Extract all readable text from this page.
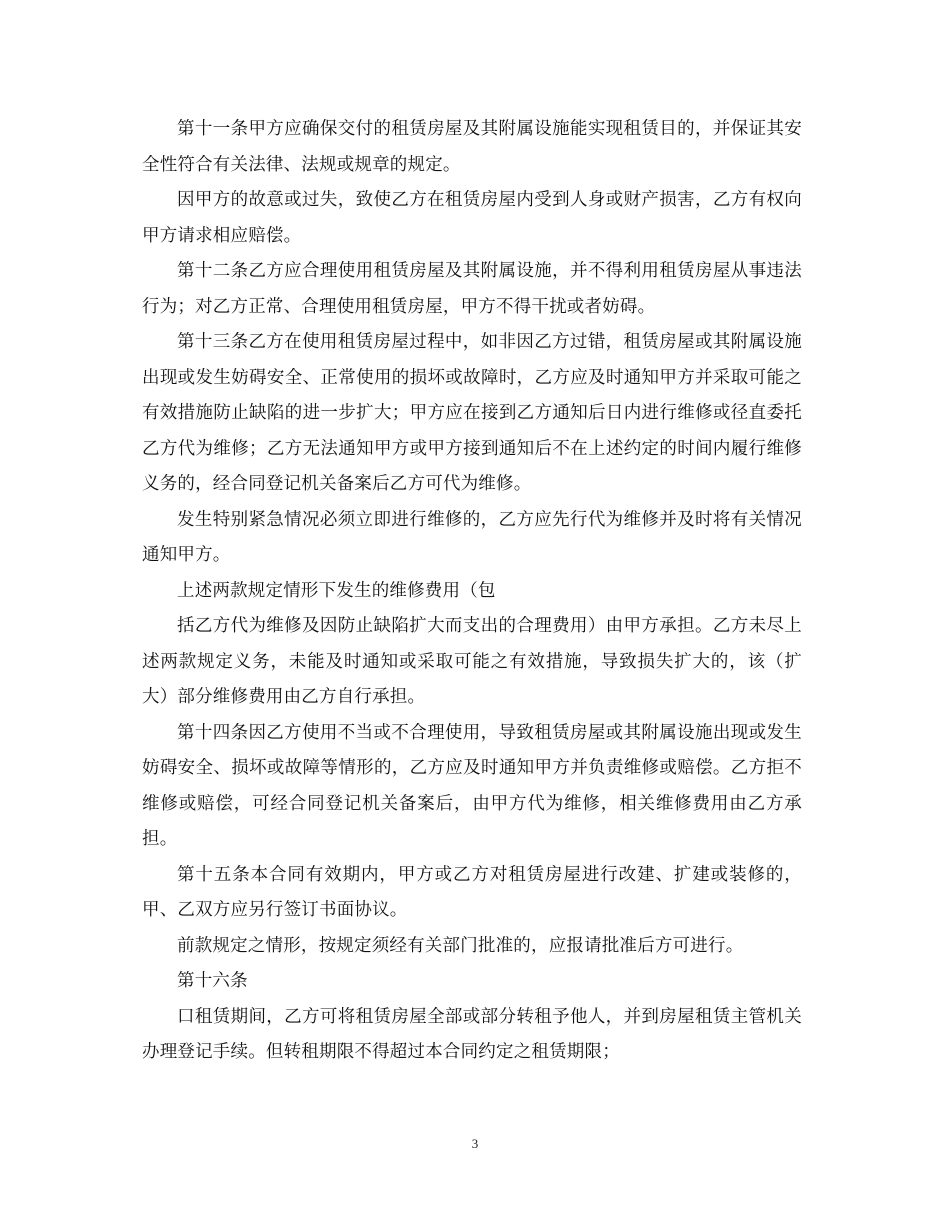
第十一条甲方应确保交付的租赁房屋及其附属设施能实现租赁目的，并保证其安全性符合有关法律、法规或规章的规定。

因甲方的故意或过失，致使乙方在租赁房屋内受到人身或财产损害，乙方有权向甲方请求相应赔偿。

第十二条乙方应合理使用租赁房屋及其附属设施，并不得利用租赁房屋从事违法行为；对乙方正常、合理使用租赁房屋，甲方不得干扰或者妨碍。

第十三条乙方在使用租赁房屋过程中，如非因乙方过错，租赁房屋或其附属设施出现或发生妨碍安全、正常使用的损坏或故障时，乙方应及时通知甲方并采取可能之有效措施防止缺陷的进一步扩大；甲方应在接到乙方通知后日内进行维修或径直委托乙方代为维修；乙方无法通知甲方或甲方接到通知后不在上述约定的时间内履行维修义务的，经合同登记机关备案后乙方可代为维修。

发生特别紧急情况必须立即进行维修的，乙方应先行代为维修并及时将有关情况通知甲方。

上述两款规定情形下发生的维修费用（包

括乙方代为维修及因防止缺陷扩大而支出的合理费用）由甲方承担。乙方未尽上述两款规定义务，未能及时通知或采取可能之有效措施，导致损失扩大的，该（扩大）部分维修费用由乙方自行承担。

第十四条因乙方使用不当或不合理使用，导致租赁房屋或其附属设施出现或发生妨碍安全、损坏或故障等情形的，乙方应及时通知甲方并负责维修或赔偿。乙方拒不维修或赔偿，可经合同登记机关备案后，由甲方代为维修，相关维修费用由乙方承担。

第十五条本合同有效期内，甲方或乙方对租赁房屋进行改建、扩建或装修的，甲、乙双方应另行签订书面协议。

前款规定之情形，按规定须经有关部门批准的，应报请批准后方可进行。

第十六条

口租赁期间，乙方可将租赁房屋全部或部分转租予他人，并到房屋租赁主管机关办理登记手续。但转租期限不得超过本合同约定之租赁期限；

3
